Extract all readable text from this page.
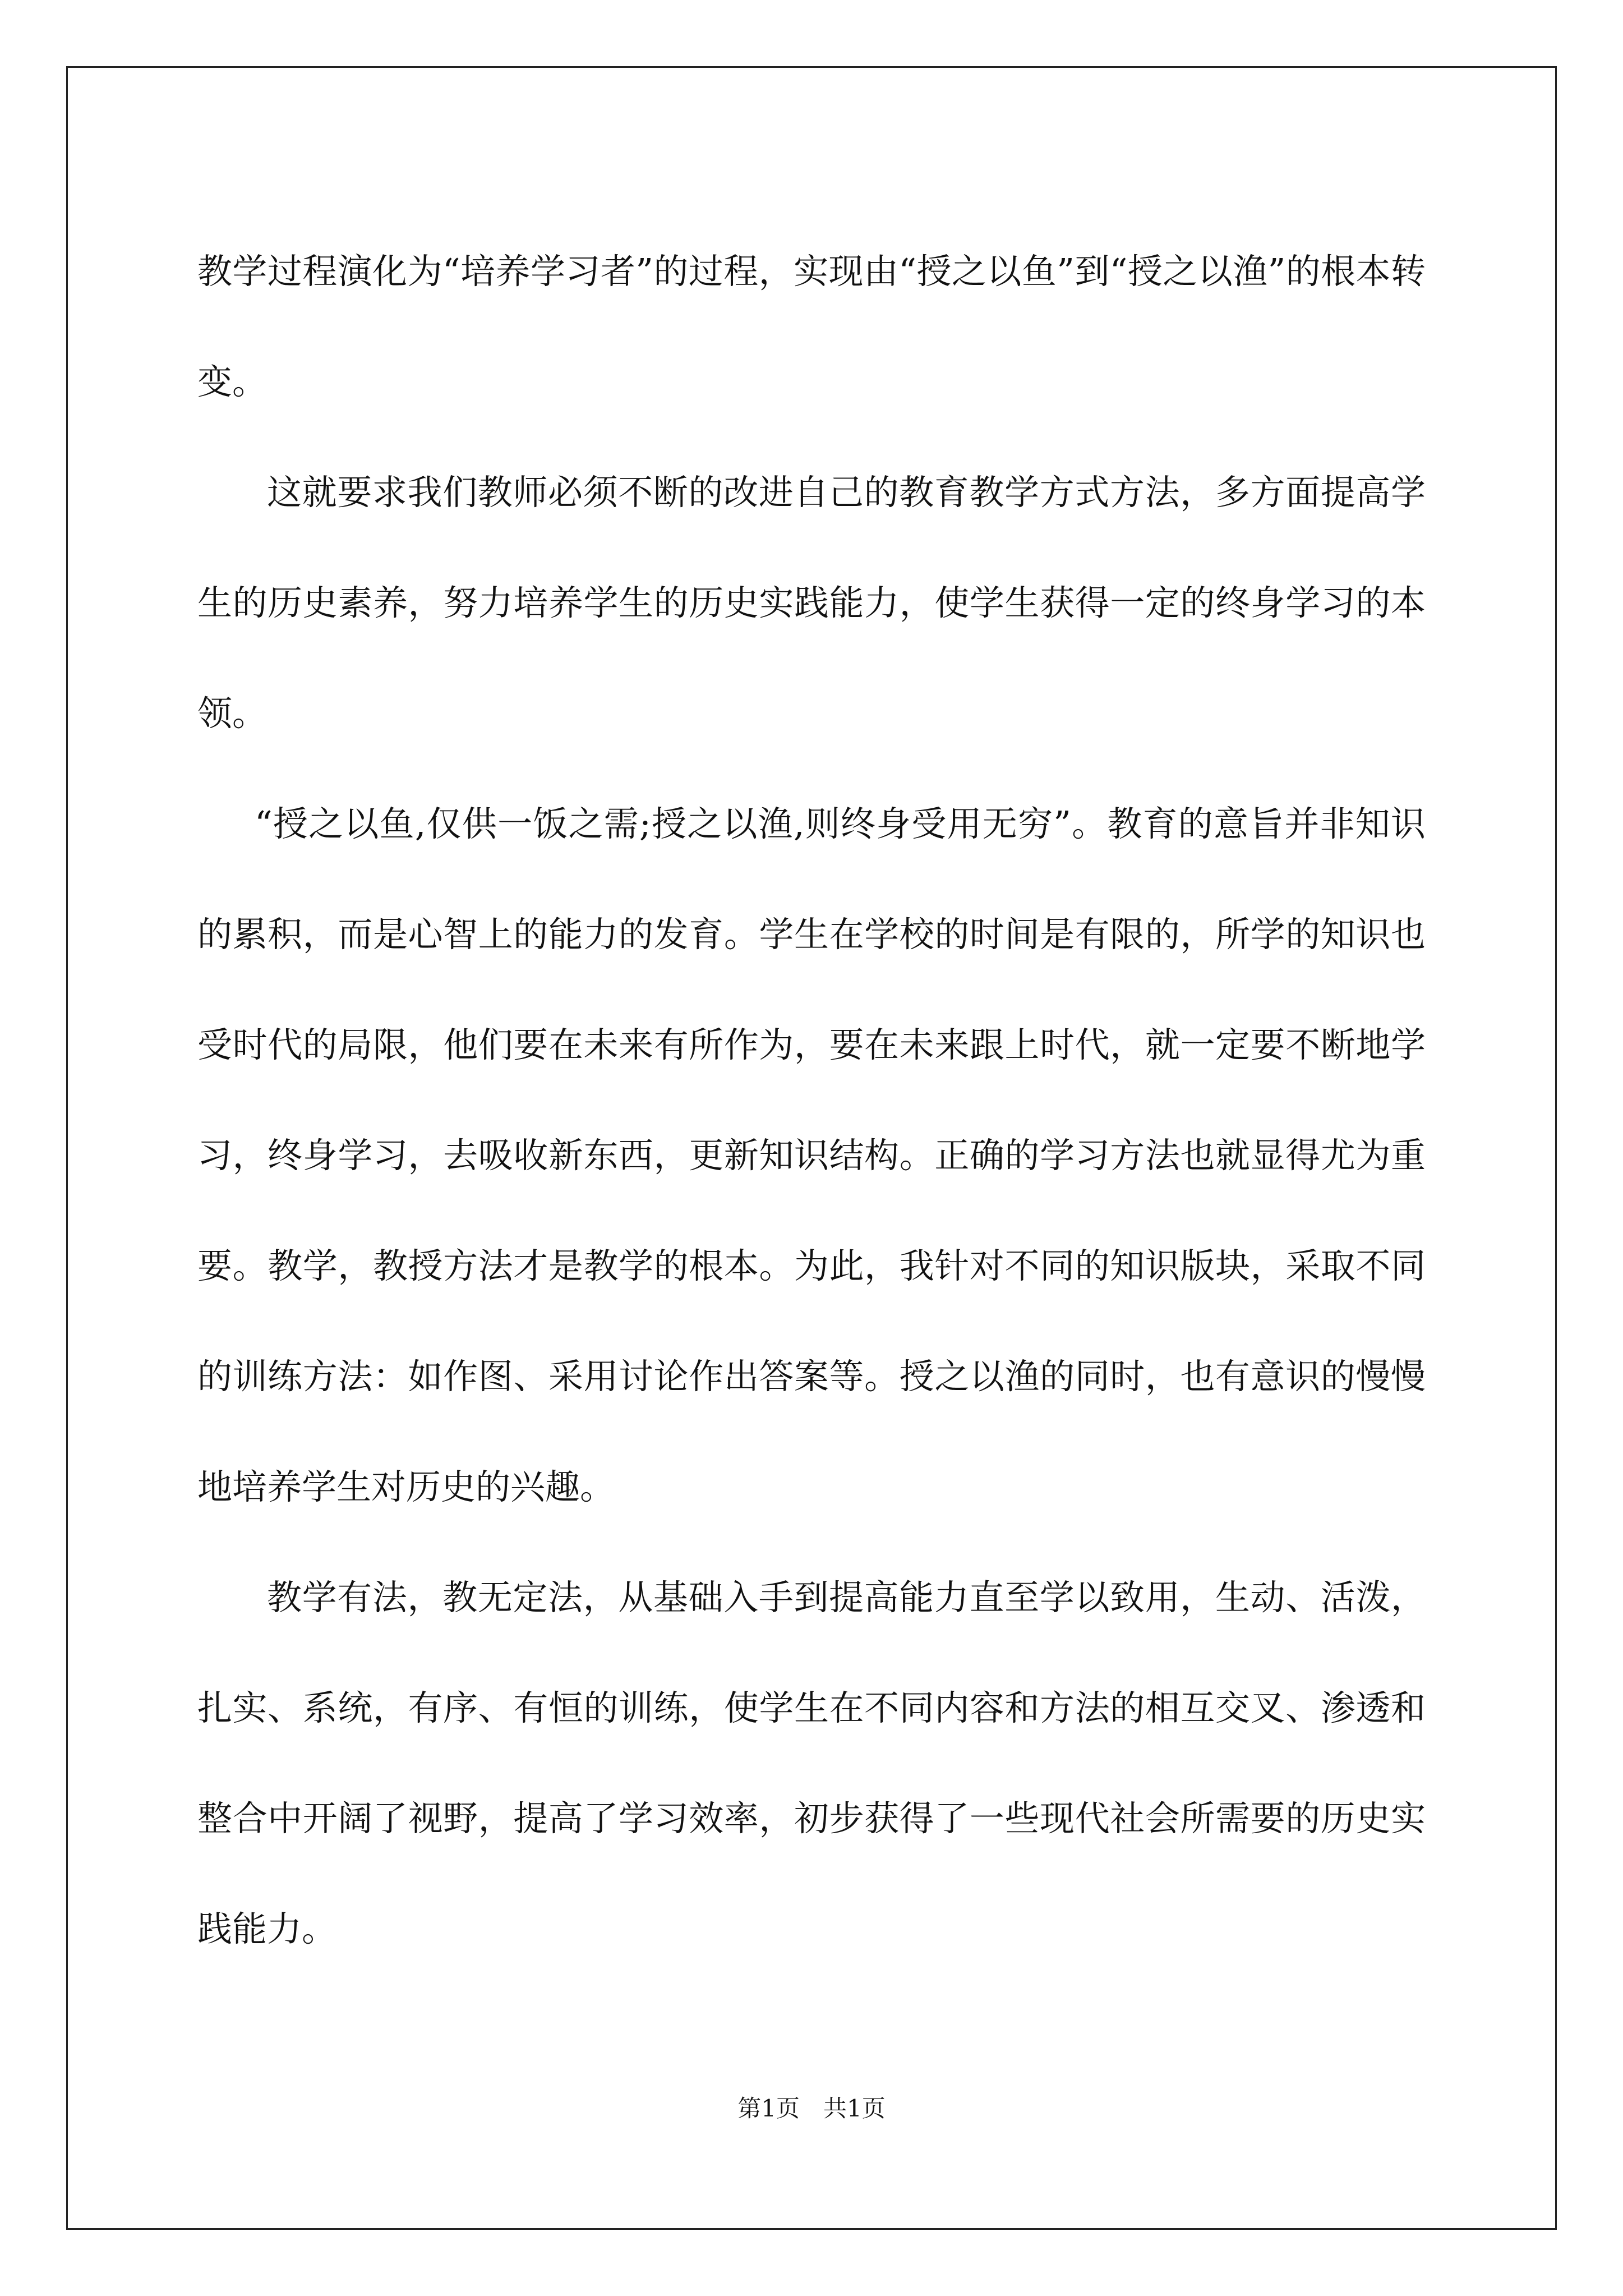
教学过程演化为“培养学习者”的过程，实现由“授之以鱼”到“授之以渔”的根本转变。

这就要求我们教师必须不断的改进自己的教育教学方式方法，多方面提高学生的历史素养，努力培养学生的历史实践能力，使学生获得一定的终身学习的本领。

“授之以鱼,仅供一饭之需;授之以渔,则终身受用无穷”。教育的意旨并非知识的累积，而是心智上的能力的发育。学生在学校的时间是有限的，所学的知识也受时代的局限，他们要在未来有所作为，要在未来跟上时代，就一定要不断地学习，终身学习，去吸收新东西，更新知识结构。正确的学习方法也就显得尤为重要。教学，教授方法才是教学的根本。为此，我针对不同的知识版块，采取不同的训练方法：如作图、采用讨论作出答案等。授之以渔的同时，也有意识的慢慢地培养学生对历史的兴趣。

教学有法，教无定法，从基础入手到提高能力直至学以致用，生动、活泼，扎实、系统，有序、有恒的训练，使学生在不同内容和方法的相互交叉、渗透和整合中开阔了视野，提高了学习效率，初步获得了一些现代社会所需要的历史实践能力。

第1页　共1页
